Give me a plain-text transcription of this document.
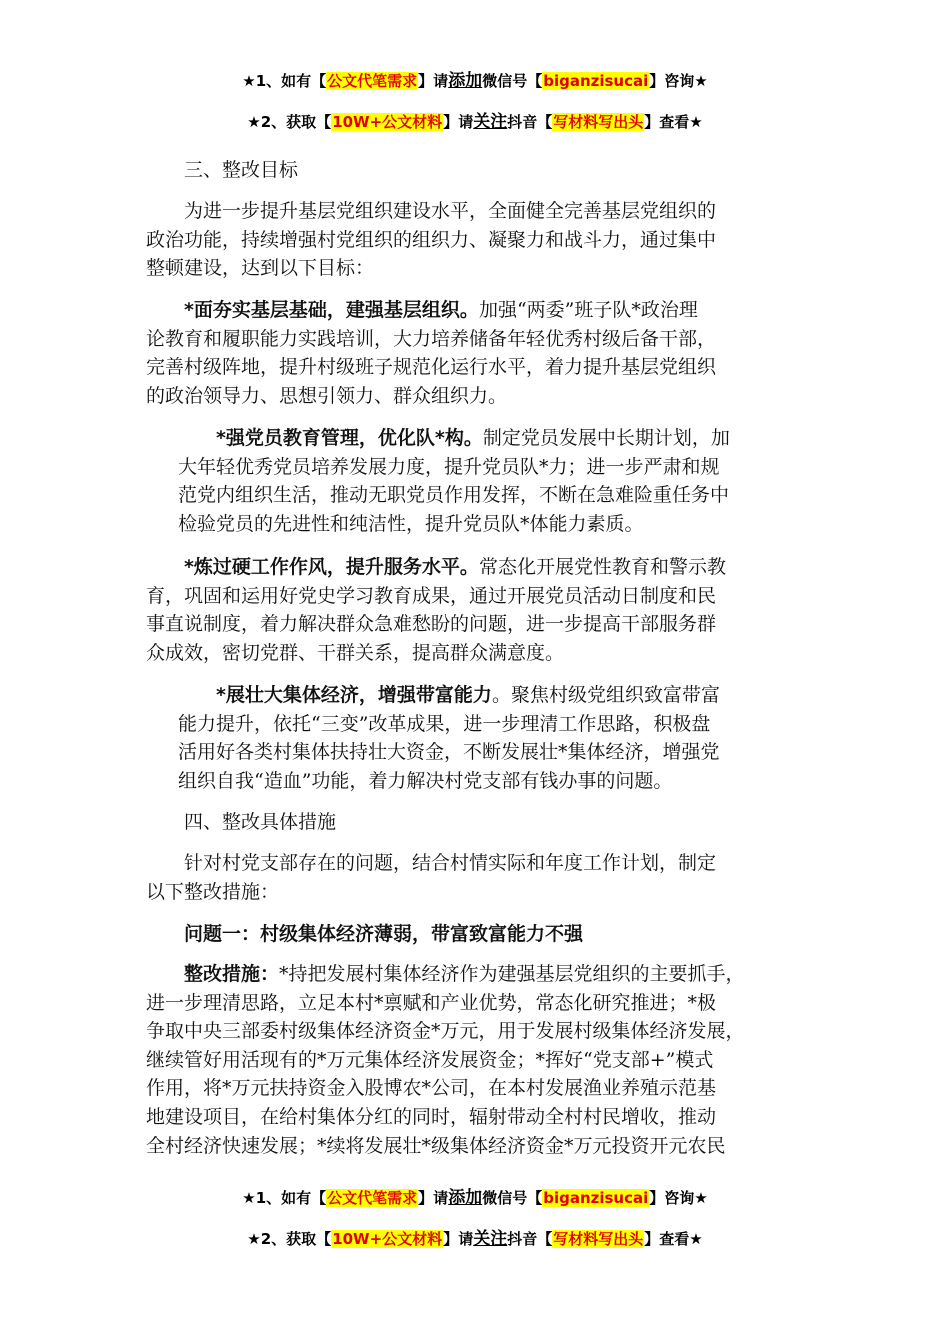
★1、如有【公文代笔需求】请添加微信号【biganzisucai】咨询★
★2、获取【10W+公文材料】请关注抖音【写材料写出头】查看★
三、整改目标
为进一步提升基层党组织建设水平，全面健全完善基层党组织的
政治功能，持续增强村党组织的组织力、凝聚力和战斗力，通过集中
整顿建设，达到以下目标：
*面夯实基层基础，建强基层组织。加强“两委”班子队*政治理
论教育和履职能力实践培训，大力培养储备年轻优秀村级后备干部，
完善村级阵地，提升村级班子规范化运行水平，着力提升基层党组织
的政治领导力、思想引领力、群众组织力。
*强党员教育管理，优化队*构。制定党员发展中长期计划，加
大年轻优秀党员培养发展力度，提升党员队*力；进一步严肃和规
范党内组织生活，推动无职党员作用发挥，不断在急难险重任务中
检验党员的先进性和纯洁性，提升党员队*体能力素质。
*炼过硬工作作风，提升服务水平。常态化开展党性教育和警示教
育，巩固和运用好党史学习教育成果，通过开展党员活动日制度和民
事直说制度，着力解决群众急难愁盼的问题，进一步提高干部服务群
众成效，密切党群、干群关系，提高群众满意度。
*展壮大集体经济，增强带富能力。聚焦村级党组织致富带富
能力提升，依托“三变”改革成果，进一步理清工作思路，积极盘
活用好各类村集体扶持壮大资金，不断发展壮*集体经济，增强党
组织自我“造血”功能，着力解决村党支部有钱办事的问题。
四、整改具体措施
针对村党支部存在的问题，结合村情实际和年度工作计划，制定
以下整改措施：
问题一：村级集体经济薄弱，带富致富能力不强
整改措施：*持把发展村集体经济作为建强基层党组织的主要抓手，
进一步理清思路，立足本村*禀赋和产业优势，常态化研究推进；*极
争取中央三部委村级集体经济资金*万元，用于发展村级集体经济发展，
继续管好用活现有的*万元集体经济发展资金；*挥好“党支部+”模式
作用，将*万元扶持资金入股博农*公司，在本村发展渔业养殖示范基
地建设项目，在给村集体分红的同时，辐射带动全村村民增收，推动
全村经济快速发展；*续将发展壮*级集体经济资金*万元投资开元农民
★1、如有【公文代笔需求】请添加微信号【biganzisucai】咨询★
★2、获取【10W+公文材料】请关注抖音【写材料写出头】查看★
